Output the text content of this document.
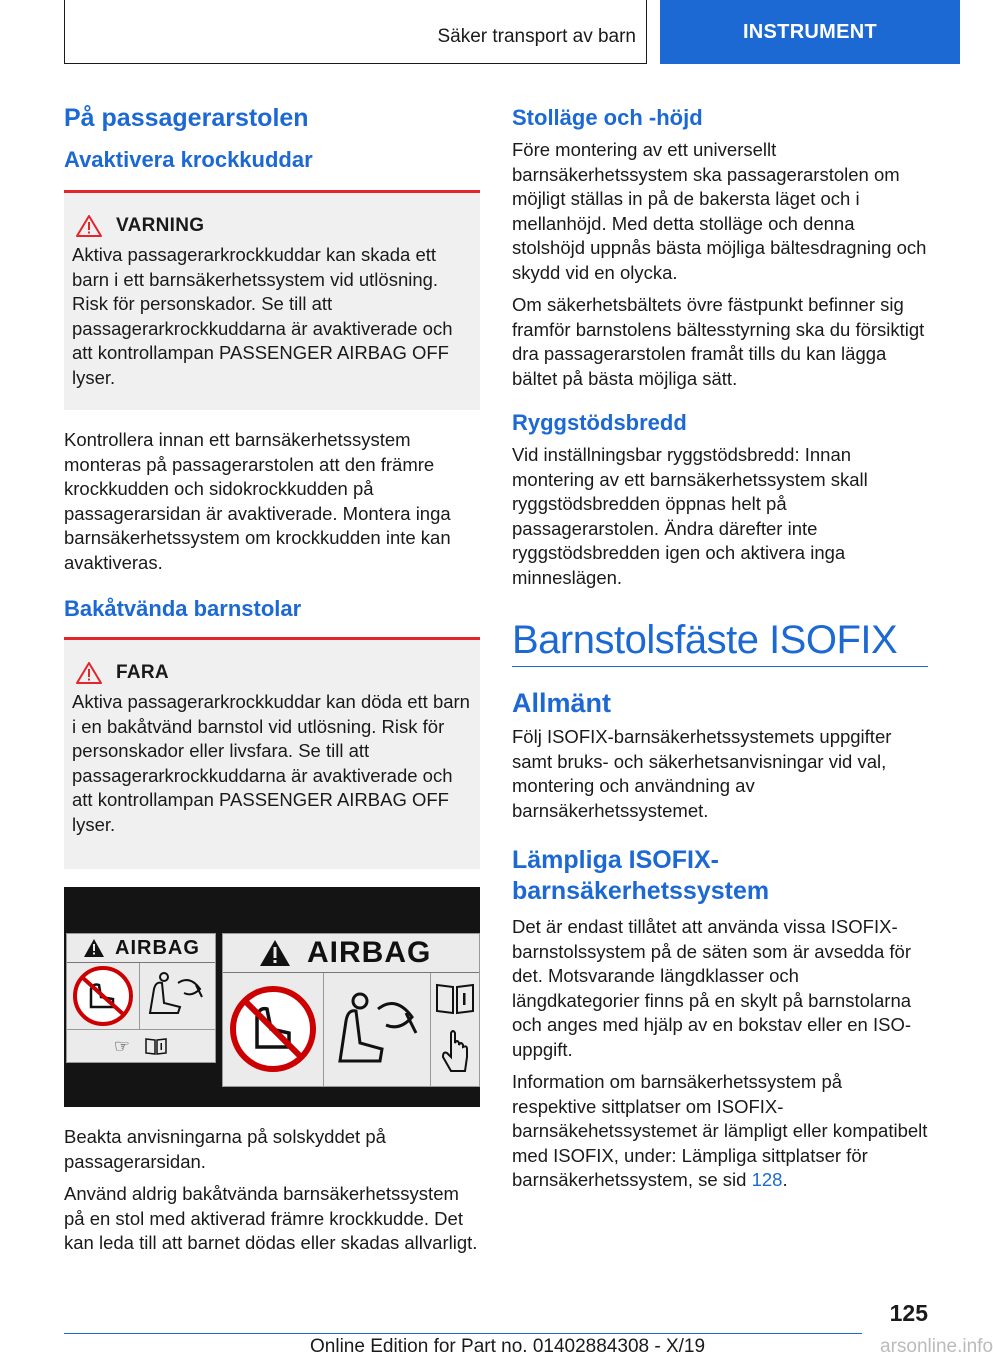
Säker transport av barn	INSTRUMENT
På passagerarstolen
Avaktivera krockkuddar
VARNING

Aktiva passagerarkrockkuddar kan skada ett barn i ett barnsäkerhetssystem vid utlösning. Risk för personskador. Se till att passagerarkrockkuddarna är avaktiverade och att kontrollampan PASSENGER AIRBAG OFF lyser.

Kontrollera innan ett barnsäkerhetssystem monteras på passagerarstolen att den främre krockkudden och sidokrockkudden på passagerarsidan är avaktiverade. Montera inga barnsäkerhetssystem om krockkudden inte kan avaktiveras.

Bakåtvända barnstolar
FARA

Aktiva passagerarkrockkuddar kan döda ett barn i en bakåtvänd barnstol vid utlösning. Risk för personskador eller livsfara. Se till att passagerarkrockkuddarna är avaktiverade och att kontrollampan PASSENGER AIRBAG OFF lyser.

AIRBAG
☞
AIRBAG

Beakta anvisningarna på solskyddet på passagerarsidan.

Använd aldrig bakåtvända barnsäkerhetssystem på en stol med aktiverad främre krockkudde. Det kan leda till att barnet dödas eller skadas allvarligt.

Stolläge och -höjd

Före montering av ett universellt barnsäkerhetssystem ska passagerarstolen om möjligt ställas in på de bakersta läget och i mellanhöjd. Med detta stolläge och denna stolshöjd uppnås bästa möjliga bältesdragning och skydd vid en olycka.

Om säkerhetsbältets övre fästpunkt befinner sig framför barnstolens bältesstyrning ska du försiktigt dra passagerarstolen framåt tills du kan lägga bältet på bästa möjliga sätt.

Ryggstödsbredd

Vid inställningsbar ryggstödsbredd: Innan montering av ett barnsäkerhetssystem skall ryggstödsbredden öppnas helt på passagerarstolen. Ändra därefter inte ryggstödsbredden igen och aktivera inga minneslägen.

Barnstolsfäste ISOFIX
Allmänt

Följ ISOFIX-barnsäkerhetssystemets uppgifter samt bruks- och säkerhetsanvisningar vid val, montering och användning av barnsäkerhetssystemet.

Lämpliga ISOFIX-barnsäkerhetssystem

Det är endast tillåtet att använda vissa ISOFIX-barnstolssystem på de säten som är avsedda för det. Motsvarande längdklasser och längdkategorier finns på en skylt på barnstolarna och anges med hjälp av en bokstav eller en ISO-uppgift.

Information om barnsäkerhetssystem på respektive sittplatser om ISOFIX-barnsäkehetssystemet är lämpligt eller kompatibelt med ISOFIX, under: Lämpliga sittplatser för barnsäkerhetssystem, se sid 128.

125
Online Edition for Part no. 01402884308 - X/19	arsonline.info
